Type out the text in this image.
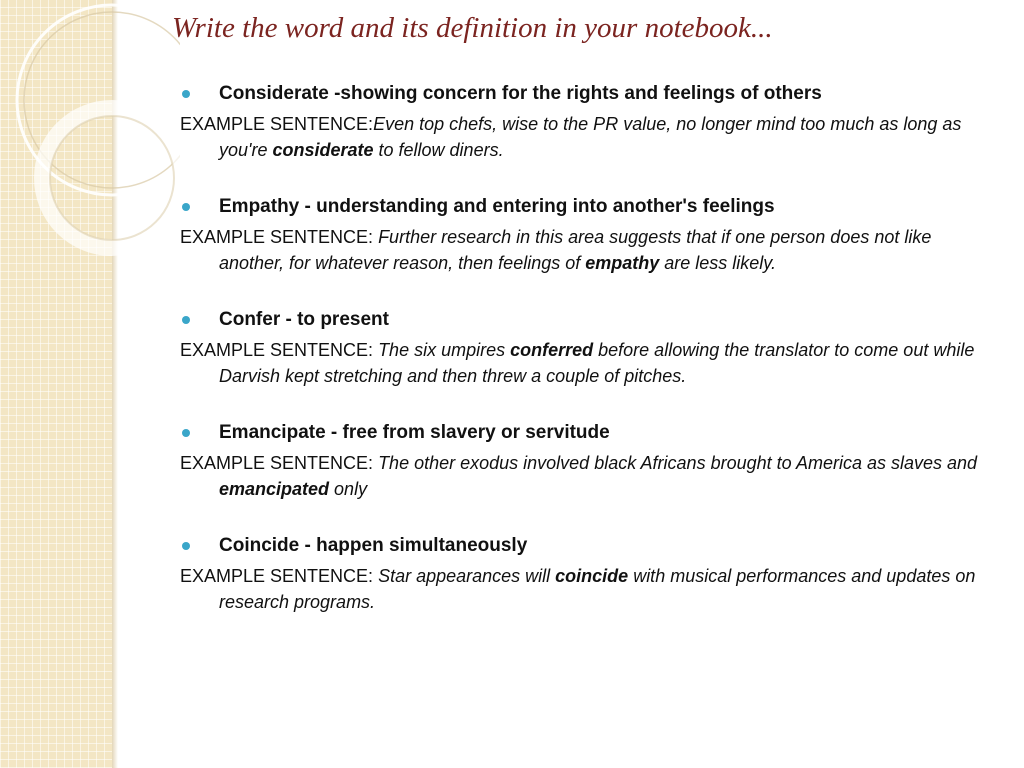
Write the word and its definition in your notebook...
Considerate -showing concern for the rights and feelings of others
EXAMPLE SENTENCE:Even top chefs, wise to the PR value, no longer mind too much as long as you're considerate to fellow diners.
Empathy - understanding and entering into another's feelings
EXAMPLE SENTENCE: Further research in this area suggests that if one person does not like another, for whatever reason, then feelings of empathy are less likely.
Confer - to present
EXAMPLE SENTENCE: The six umpires conferred before allowing the translator to come out while Darvish kept stretching and then threw a couple of pitches.
Emancipate - free from slavery or servitude
EXAMPLE SENTENCE: The other exodus involved black Africans brought to America as slaves and emancipated only
Coincide - happen simultaneously
EXAMPLE SENTENCE: Star appearances will coincide with musical performances and updates on research programs.
